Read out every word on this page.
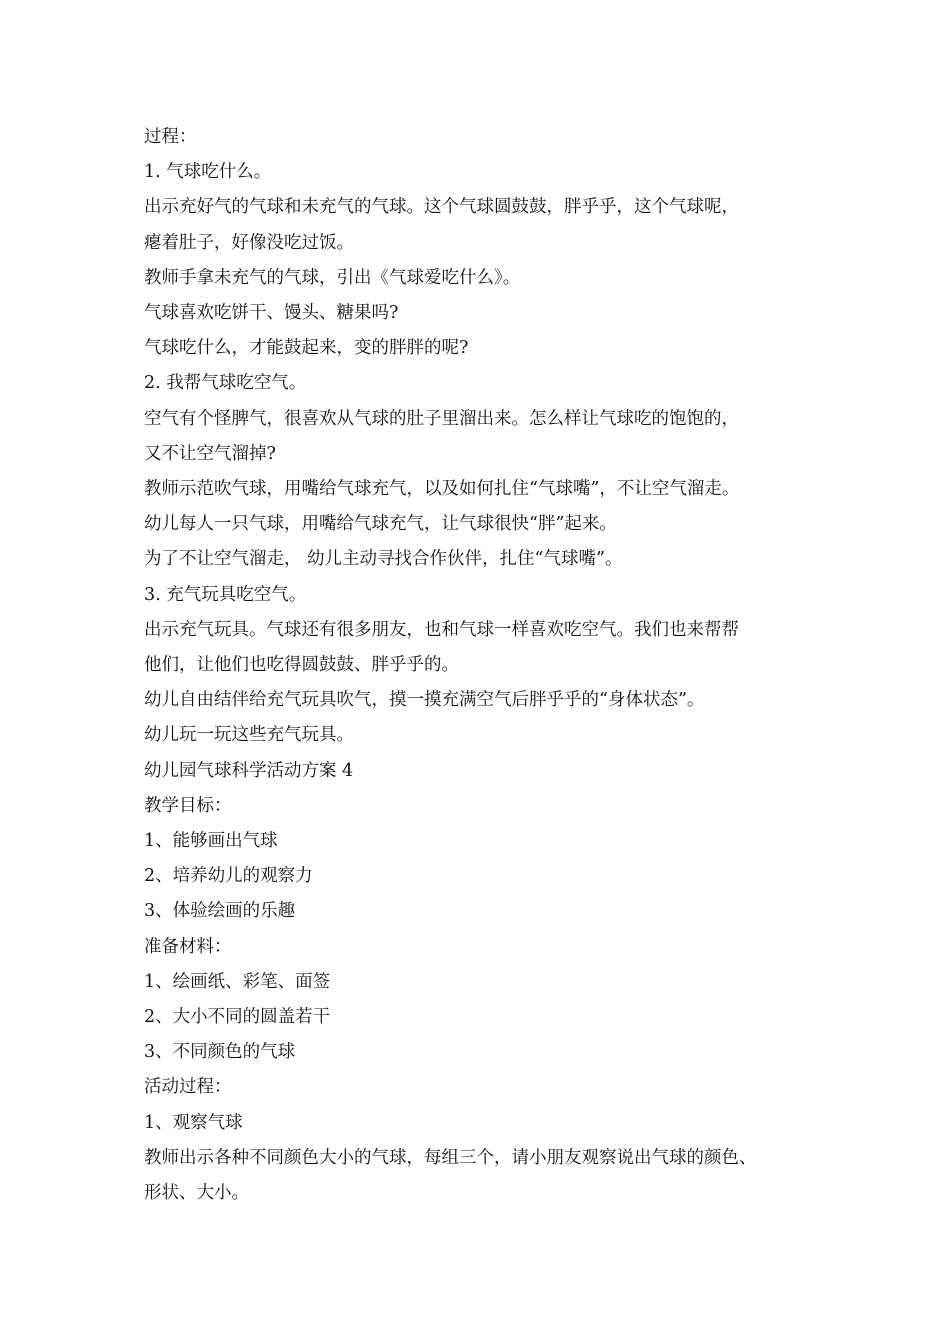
过程：

1. 气球吃什么。

出示充好气的气球和未充气的气球。这个气球圆鼓鼓，胖乎乎，这个气球呢，

瘪着肚子，好像没吃过饭。

教师手拿未充气的气球，引出《气球爱吃什么》。

气球喜欢吃饼干、馒头、糖果吗?

气球吃什么，才能鼓起来，变的胖胖的呢?

2. 我帮气球吃空气。

空气有个怪脾气，很喜欢从气球的肚子里溜出来。怎么样让气球吃的饱饱的，

又不让空气溜掉?

教师示范吹气球，用嘴给气球充气，以及如何扎住“气球嘴”，不让空气溜走。

幼儿每人一只气球，用嘴给气球充气，让气球很快“胖”起来。

为了不让空气溜走， 幼儿主动寻找合作伙伴，扎住“气球嘴”。

3. 充气玩具吃空气。

出示充气玩具。气球还有很多朋友，也和气球一样喜欢吃空气。我们也来帮帮

他们，让他们也吃得圆鼓鼓、胖乎乎的。

幼儿自由结伴给充气玩具吹气，摸一摸充满空气后胖乎乎的“身体状态”。

幼儿玩一玩这些充气玩具。

幼儿园气球科学活动方案 4

教学目标：

1、能够画出气球

2、培养幼儿的观察力

3、体验绘画的乐趣

准备材料：

1、绘画纸、彩笔、面签

2、大小不同的圆盖若干

3、不同颜色的气球

活动过程：

1、观察气球

教师出示各种不同颜色大小的气球，每组三个，请小朋友观察说出气球的颜色、

形状、大小。
